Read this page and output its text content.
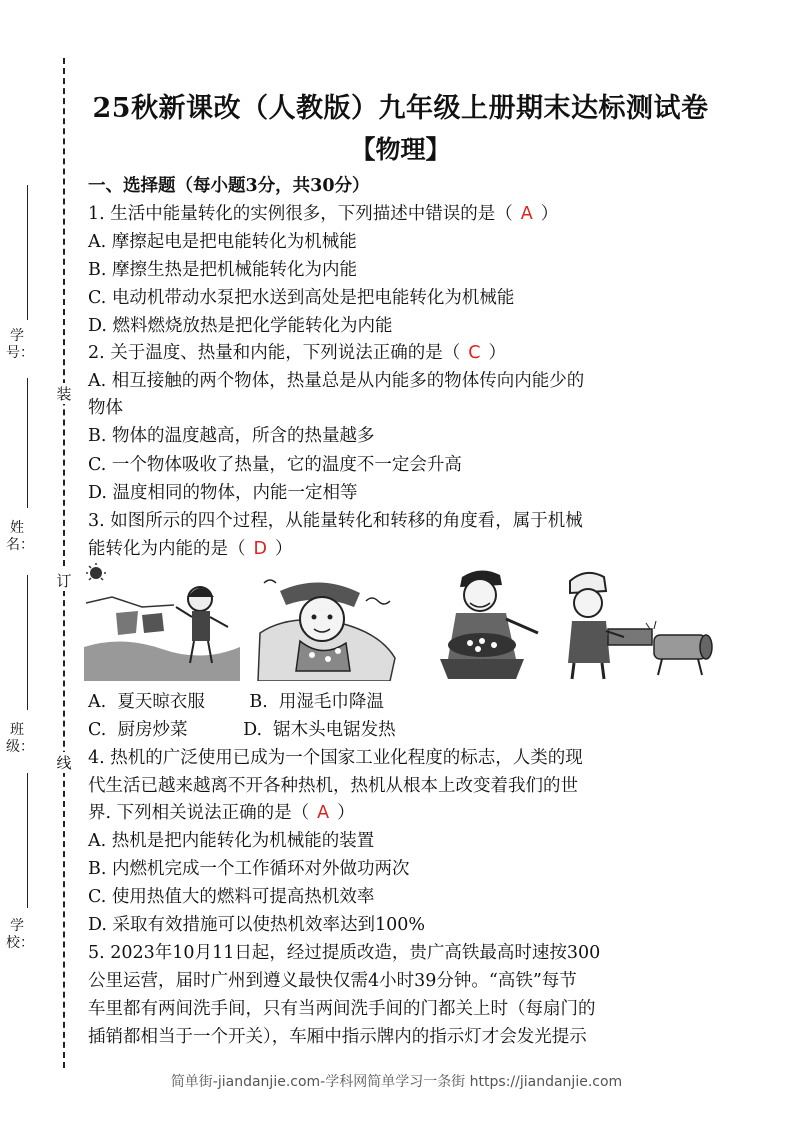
装
订
线
学号：
姓名：
班级：
学校：
25秋新课改（人教版）九年级上册期末达标测试卷
【物理】
一、选择题（每小题3分，共30分）
1. 生活中能量转化的实例很多，下列描述中错误的是（ A ）
A. 摩擦起电是把电能转化为机械能
B. 摩擦生热是把机械能转化为内能
C. 电动机带动水泵把水送到高处是把电能转化为机械能
D. 燃料燃烧放热是把化学能转化为内能
2. 关于温度、热量和内能，下列说法正确的是（ C ）
A. 相互接触的两个物体，热量总是从内能多的物体传向内能少的
物体
B. 物体的温度越高，所含的热量越多
C. 一个物体吸收了热量，它的温度不一定会升高
D. 温度相同的物体，内能一定相等
3. 如图所示的四个过程，从能量转化和转移的角度看，属于机械
能转化为内能的是（ D ）
A.  夏天晾衣服        B.  用湿毛巾降温
C.  厨房炒菜          D.  锯木头电锯发热
4. 热机的广泛使用已成为一个国家工业化程度的标志，人类的现
代生活已越来越离不开各种热机，热机从根本上改变着我们的世
界. 下列相关说法正确的是（ A ）
A. 热机是把内能转化为机械能的装置
B. 内燃机完成一个工作循环对外做功两次
C. 使用热值大的燃料可提高热机效率
D. 采取有效措施可以使热机效率达到100%
5. 2023年10月11日起，经过提质改造，贵广高铁最高时速按300
公里运营，届时广州到遵义最快仅需4小时39分钟。“高铁”每节
车里都有两间洗手间，只有当两间洗手间的门都关上时（每扇门的
插销都相当于一个开关），车厢中指示牌内的指示灯才会发光提示
简单街-jiandanjie.com-学科网简单学习一条街 https://jiandanjie.com
